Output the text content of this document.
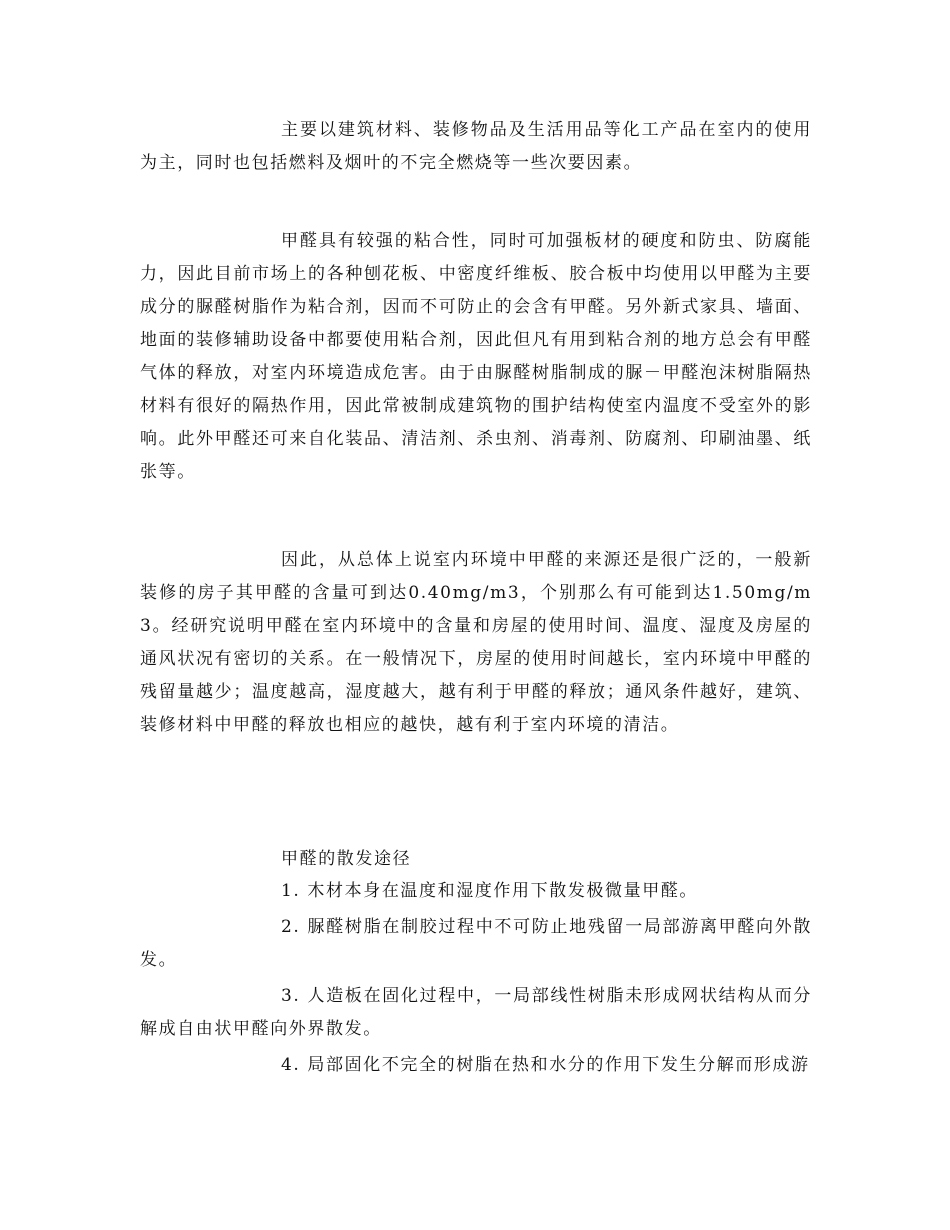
主要以建筑材料、装修物品及生活用品等化工产品在室内的使用为主，同时也包括燃料及烟叶的不完全燃烧等一些次要因素。

甲醛具有较强的粘合性，同时可加强板材的硬度和防虫、防腐能力，因此目前市场上的各种刨花板、中密度纤维板、胶合板中均使用以甲醛为主要成分的脲醛树脂作为粘合剂，因而不可防止的会含有甲醛。另外新式家具、墙面、地面的装修辅助设备中都要使用粘合剂，因此但凡有用到粘合剂的地方总会有甲醛气体的释放，对室内环境造成危害。由于由脲醛树脂制成的脲－甲醛泡沫树脂隔热材料有很好的隔热作用，因此常被制成建筑物的围护结构使室内温度不受室外的影响。此外甲醛还可来自化装品、清洁剂、杀虫剂、消毒剂、防腐剂、印刷油墨、纸张等。

因此，从总体上说室内环境中甲醛的来源还是很广泛的，一般新装修的房子其甲醛的含量可到达0.40mg/m3，个别那么有可能到达1.50mg/m3。经研究说明甲醛在室内环境中的含量和房屋的使用时间、温度、湿度及房屋的通风状况有密切的关系。在一般情况下，房屋的使用时间越长，室内环境中甲醛的残留量越少；温度越高，湿度越大，越有利于甲醛的释放；通风条件越好，建筑、装修材料中甲醛的释放也相应的越快，越有利于室内环境的清洁。

甲醛的散发途径

1. 木材本身在温度和湿度作用下散发极微量甲醛。

2. 脲醛树脂在制胶过程中不可防止地残留一局部游离甲醛向外散发。

3. 人造板在固化过程中，一局部线性树脂未形成网状结构从而分解成自由状甲醛向外界散发。

4. 局部固化不完全的树脂在热和水分的作用下发生分解而形成游
